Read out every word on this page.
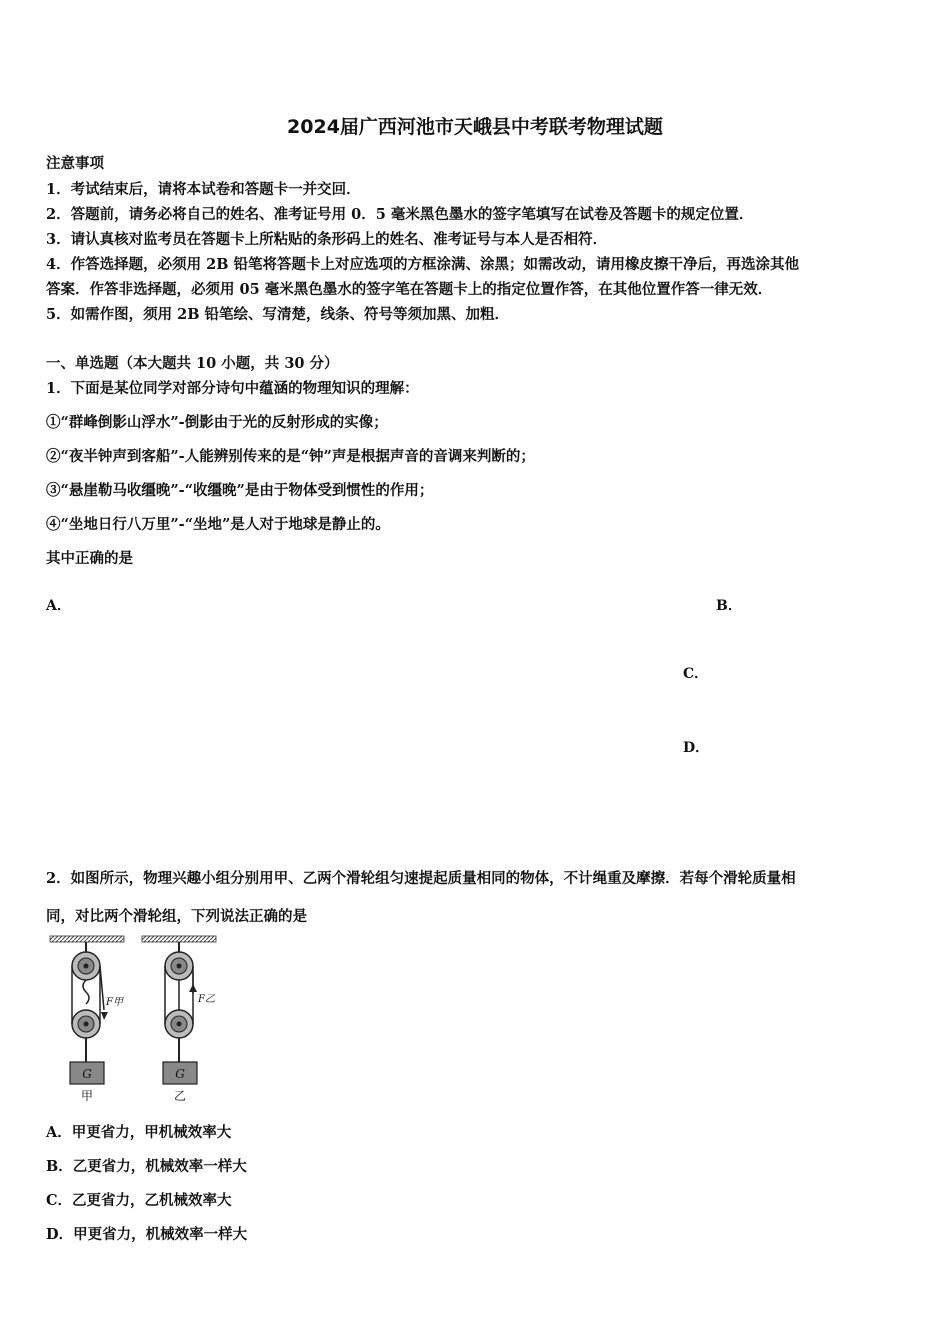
2024届广西河池市天峨县中考联考物理试题
注意事项
1．考试结束后，请将本试卷和答题卡一并交回．
2．答题前，请务必将自己的姓名、准考证号用 0．5 毫米黑色墨水的签字笔填写在试卷及答题卡的规定位置．
3．请认真核对监考员在答题卡上所粘贴的条形码上的姓名、准考证号与本人是否相符．
4．作答选择题，必须用 2B 铅笔将答题卡上对应选项的方框涂满、涂黑；如需改动，请用橡皮擦干净后，再选涂其他
答案．作答非选择题，必须用 05 毫米黑色墨水的签字笔在答题卡上的指定位置作答，在其他位置作答一律无效．
5．如需作图，须用 2B 铅笔绘、写清楚，线条、符号等须加黑、加粗．
一、单选题（本大题共 10 小题，共 30 分）
1．下面是某位同学对部分诗句中蕴涵的物理知识的理解：
①“群峰倒影山浮水”-倒影由于光的反射形成的实像；
②“夜半钟声到客船”-人能辨别传来的是“钟”声是根据声音的音调来判断的；
③“悬崖勒马收缰晚”-“收缰晚”是由于物体受到惯性的作用；
④“坐地日行八万里”-“坐地”是人对于地球是静止的。
其中正确的是
A．	B．
C．
D．
2．如图所示，物理兴趣小组分别用甲、乙两个滑轮组匀速提起质量相同的物体，不计绳重及摩擦．若每个滑轮质量相
同，对比两个滑轮组，下列说法正确的是
G
F甲
甲
G
F乙
乙
A．甲更省力，甲机械效率大
B．乙更省力，机械效率一样大
C．乙更省力，乙机械效率大
D．甲更省力，机械效率一样大
